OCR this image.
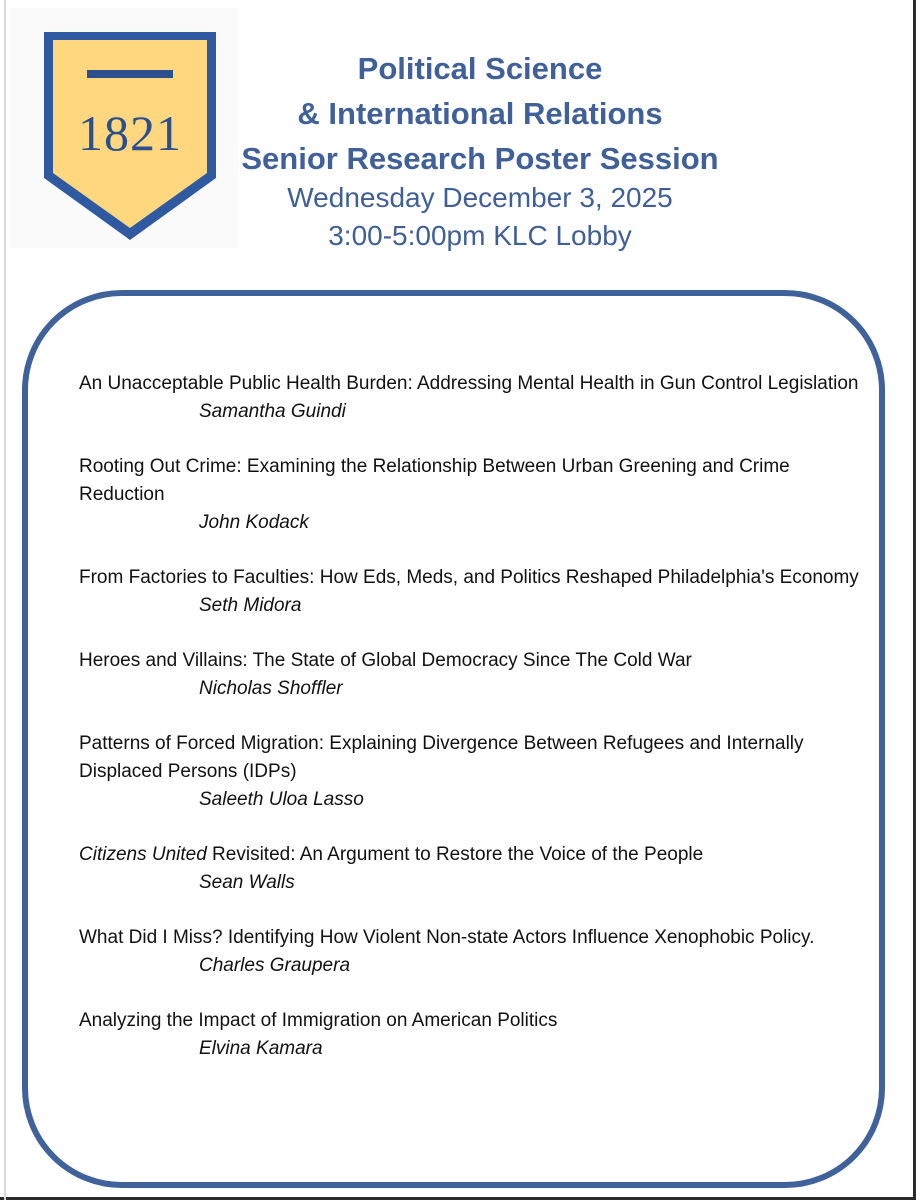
1821
Political Science
& International Relations
Senior Research Poster Session
Wednesday December 3, 2025
3:00-5:00pm KLC Lobby

An Unacceptable Public Health Burden: Addressing Mental Health in Gun Control Legislation

Samantha Guindi

Rooting Out Crime: Examining the Relationship Between Urban Greening and Crime Reduction

John Kodack

From Factories to Faculties: How Eds, Meds, and Politics Reshaped Philadelphia's Economy

Seth Midora

Heroes and Villains: The State of Global Democracy Since The Cold War

Nicholas Shoffler

Patterns of Forced Migration: Explaining Divergence Between Refugees and Internally Displaced Persons (IDPs)

Saleeth Uloa Lasso

Citizens United Revisited: An Argument to Restore the Voice of the People

Sean Walls

What Did I Miss? Identifying How Violent Non-state Actors Influence Xenophobic Policy.

Charles Graupera

Analyzing the Impact of Immigration on American Politics

Elvina Kamara
